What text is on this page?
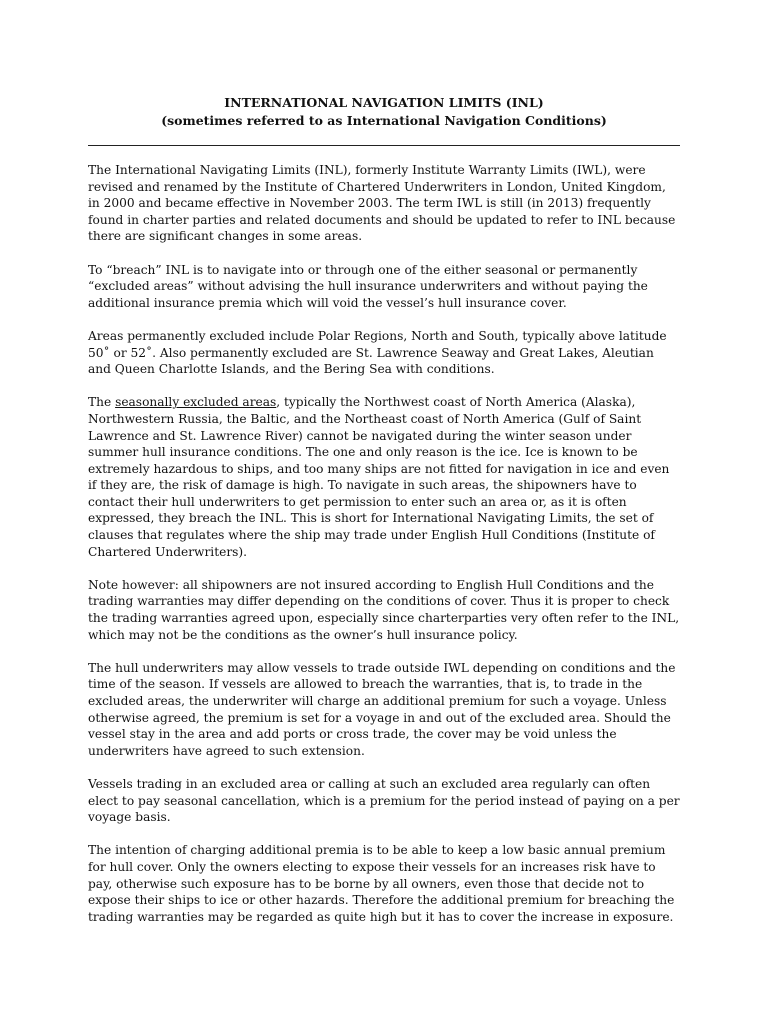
INTERNATIONAL NAVIGATION LIMITS (INL)
(sometimes referred to as International Navigation Conditions)

The International Navigating Limits (INL), formerly Institute Warranty Limits (IWL), were revised and renamed by the Institute of Chartered Underwriters in London, United Kingdom, in 2000 and became effective in November 2003. The term IWL is still (in 2013) frequently found in charter parties and related documents and should be updated to refer to INL because there are significant changes in some areas.

To “breach” INL is to navigate into or through one of the either seasonal or permanently “excluded areas” without advising the hull insurance underwriters and without paying the additional insurance premia which will void the vessel’s hull insurance cover.

Areas permanently excluded include Polar Regions, North and South, typically above latitude 50˚ or 52˚. Also permanently excluded are St. Lawrence Seaway and Great Lakes, Aleutian and Queen Charlotte Islands, and the Bering Sea with conditions.

The seasonally excluded areas, typically the Northwest coast of North America (Alaska), Northwestern Russia, the Baltic, and the Northeast coast of North America (Gulf of Saint Lawrence and St. Lawrence River) cannot be navigated during the winter season under summer hull insurance conditions. The one and only reason is the ice. Ice is known to be extremely hazardous to ships, and too many ships are not fitted for navigation in ice and even if they are, the risk of damage is high. To navigate in such areas, the shipowners have to contact their hull underwriters to get permission to enter such an area or, as it is often expressed, they breach the INL. This is short for International Navigating Limits, the set of clauses that regulates where the ship may trade under English Hull Conditions (Institute of Chartered Underwriters).

Note however: all shipowners are not insured according to English Hull Conditions and the trading warranties may differ depending on the conditions of cover. Thus it is proper to check the trading warranties agreed upon, especially since charterparties very often refer to the INL, which may not be the conditions as the owner’s hull insurance policy.

The hull underwriters may allow vessels to trade outside IWL depending on conditions and the time of the season. If vessels are allowed to breach the warranties, that is, to trade in the excluded areas, the underwriter will charge an additional premium for such a voyage. Unless otherwise agreed, the premium is set for a voyage in and out of the excluded area. Should the vessel stay in the area and add ports or cross trade, the cover may be void unless the underwriters have agreed to such extension.

Vessels trading in an excluded area or calling at such an excluded area regularly can often elect to pay seasonal cancellation, which is a premium for the period instead of paying on a per voyage basis.

The intention of charging additional premia is to be able to keep a low basic annual premium for hull cover. Only the owners electing to expose their vessels for an increases risk have to pay, otherwise such exposure has to be borne by all owners, even those that decide not to expose their ships to ice or other hazards. Therefore the additional premium for breaching the trading warranties may be regarded as quite high but it has to cover the increase in exposure.
